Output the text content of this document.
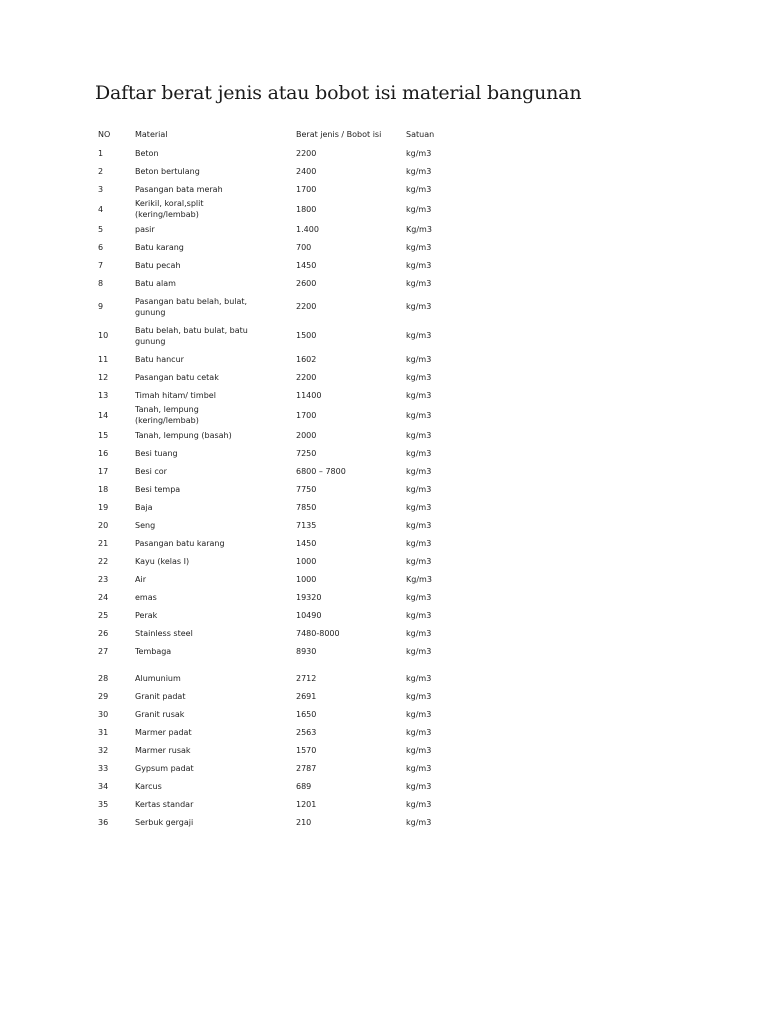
Daftar berat jenis atau bobot isi material bangunan
NO	Material	Berat jenis / Bobot isi	Satuan
1	Beton	2200	kg/m3
2	Beton bertulang	2400	kg/m3
3	Pasangan bata merah	1700	kg/m3
4	Kerikil, koral,split (kering/lembab)	1800	kg/m3
5	pasir	1.400	Kg/m3
6	Batu karang	700	kg/m3
7	Batu pecah	1450	kg/m3
8	Batu alam	2600	kg/m3
9	Pasangan batu belah, bulat, gunung	2200	kg/m3
10	Batu belah, batu bulat, batu gunung	1500	kg/m3
11	Batu hancur	1602	kg/m3
12	Pasangan batu cetak	2200	kg/m3
13	Timah hitam/ timbel	11400	kg/m3
14	Tanah, lempung (kering/lembab)	1700	kg/m3
15	Tanah, lempung (basah)	2000	kg/m3
16	Besi tuang	7250	kg/m3
17	Besi cor	6800 – 7800	kg/m3
18	Besi tempa	7750	kg/m3
19	Baja	7850	kg/m3
20	Seng	7135	kg/m3
21	Pasangan batu karang	1450	kg/m3
22	Kayu (kelas I)	1000	kg/m3
23	Air	1000	Kg/m3
24	emas	19320	kg/m3
25	Perak	10490	kg/m3
26	Stainless steel	7480-8000	kg/m3
27	Tembaga	8930	kg/m3
28	Alumunium	2712	kg/m3
29	Granit padat	2691	kg/m3
30	Granit rusak	1650	kg/m3
31	Marmer padat	2563	kg/m3
32	Marmer rusak	1570	kg/m3
33	Gypsum padat	2787	kg/m3
34	Karcus	689	kg/m3
35	Kertas standar	1201	kg/m3
36	Serbuk gergaji	210	kg/m3
